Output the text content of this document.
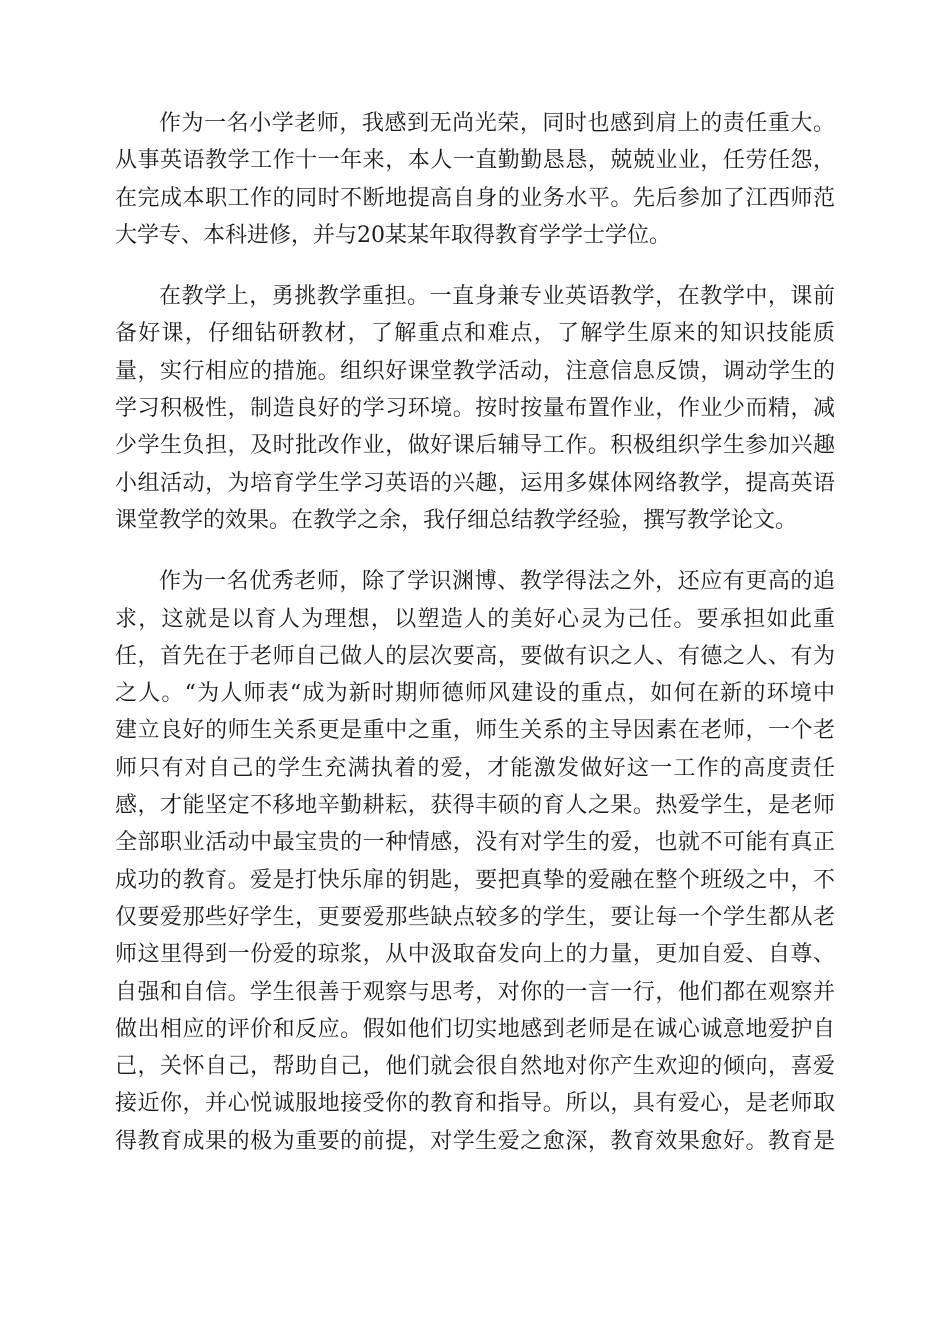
作为一名小学老师，我感到无尚光荣，同时也感到肩上的责任重大。
从事英语教学工作十一年来，本人一直勤勤恳恳，兢兢业业，任劳任怨，
在完成本职工作的同时不断地提高自身的业务水平。先后参加了江西师范
大学专、本科进修，并与20某某年取得教育学学士学位。

在教学上，勇挑教学重担。一直身兼专业英语教学，在教学中，课前
备好课，仔细钻研教材，了解重点和难点，了解学生原来的知识技能质
量，实行相应的措施。组织好课堂教学活动，注意信息反馈，调动学生的
学习积极性，制造良好的学习环境。按时按量布置作业，作业少而精，减
少学生负担，及时批改作业，做好课后辅导工作。积极组织学生参加兴趣
小组活动，为培育学生学习英语的兴趣，运用多媒体网络教学，提高英语
课堂教学的效果。在教学之余，我仔细总结教学经验，撰写教学论文。

作为一名优秀老师，除了学识渊博、教学得法之外，还应有更高的追
求，这就是以育人为理想，以塑造人的美好心灵为己任。要承担如此重
任，首先在于老师自己做人的层次要高，要做有识之人、有德之人、有为
之人。“为人师表“成为新时期师德师风建设的重点，如何在新的环境中
建立良好的师生关系更是重中之重，师生关系的主导因素在老师，一个老
师只有对自己的学生充满执着的爱，才能激发做好这一工作的高度责任
感，才能坚定不移地辛勤耕耘，获得丰硕的育人之果。热爱学生，是老师
全部职业活动中最宝贵的一种情感，没有对学生的爱，也就不可能有真正
成功的教育。爱是打快乐扉的钥匙，要把真挚的爱融在整个班级之中，不
仅要爱那些好学生，更要爱那些缺点较多的学生，要让每一个学生都从老
师这里得到一份爱的琼浆，从中汲取奋发向上的力量，更加自爱、自尊、
自强和自信。学生很善于观察与思考，对你的一言一行，他们都在观察并
做出相应的评价和反应。假如他们切实地感到老师是在诚心诚意地爱护自
己，关怀自己，帮助自己，他们就会很自然地对你产生欢迎的倾向，喜爱
接近你，并心悦诚服地接受你的教育和指导。所以，具有爱心，是老师取
得教育成果的极为重要的前提，对学生爱之愈深，教育效果愈好。教育是
